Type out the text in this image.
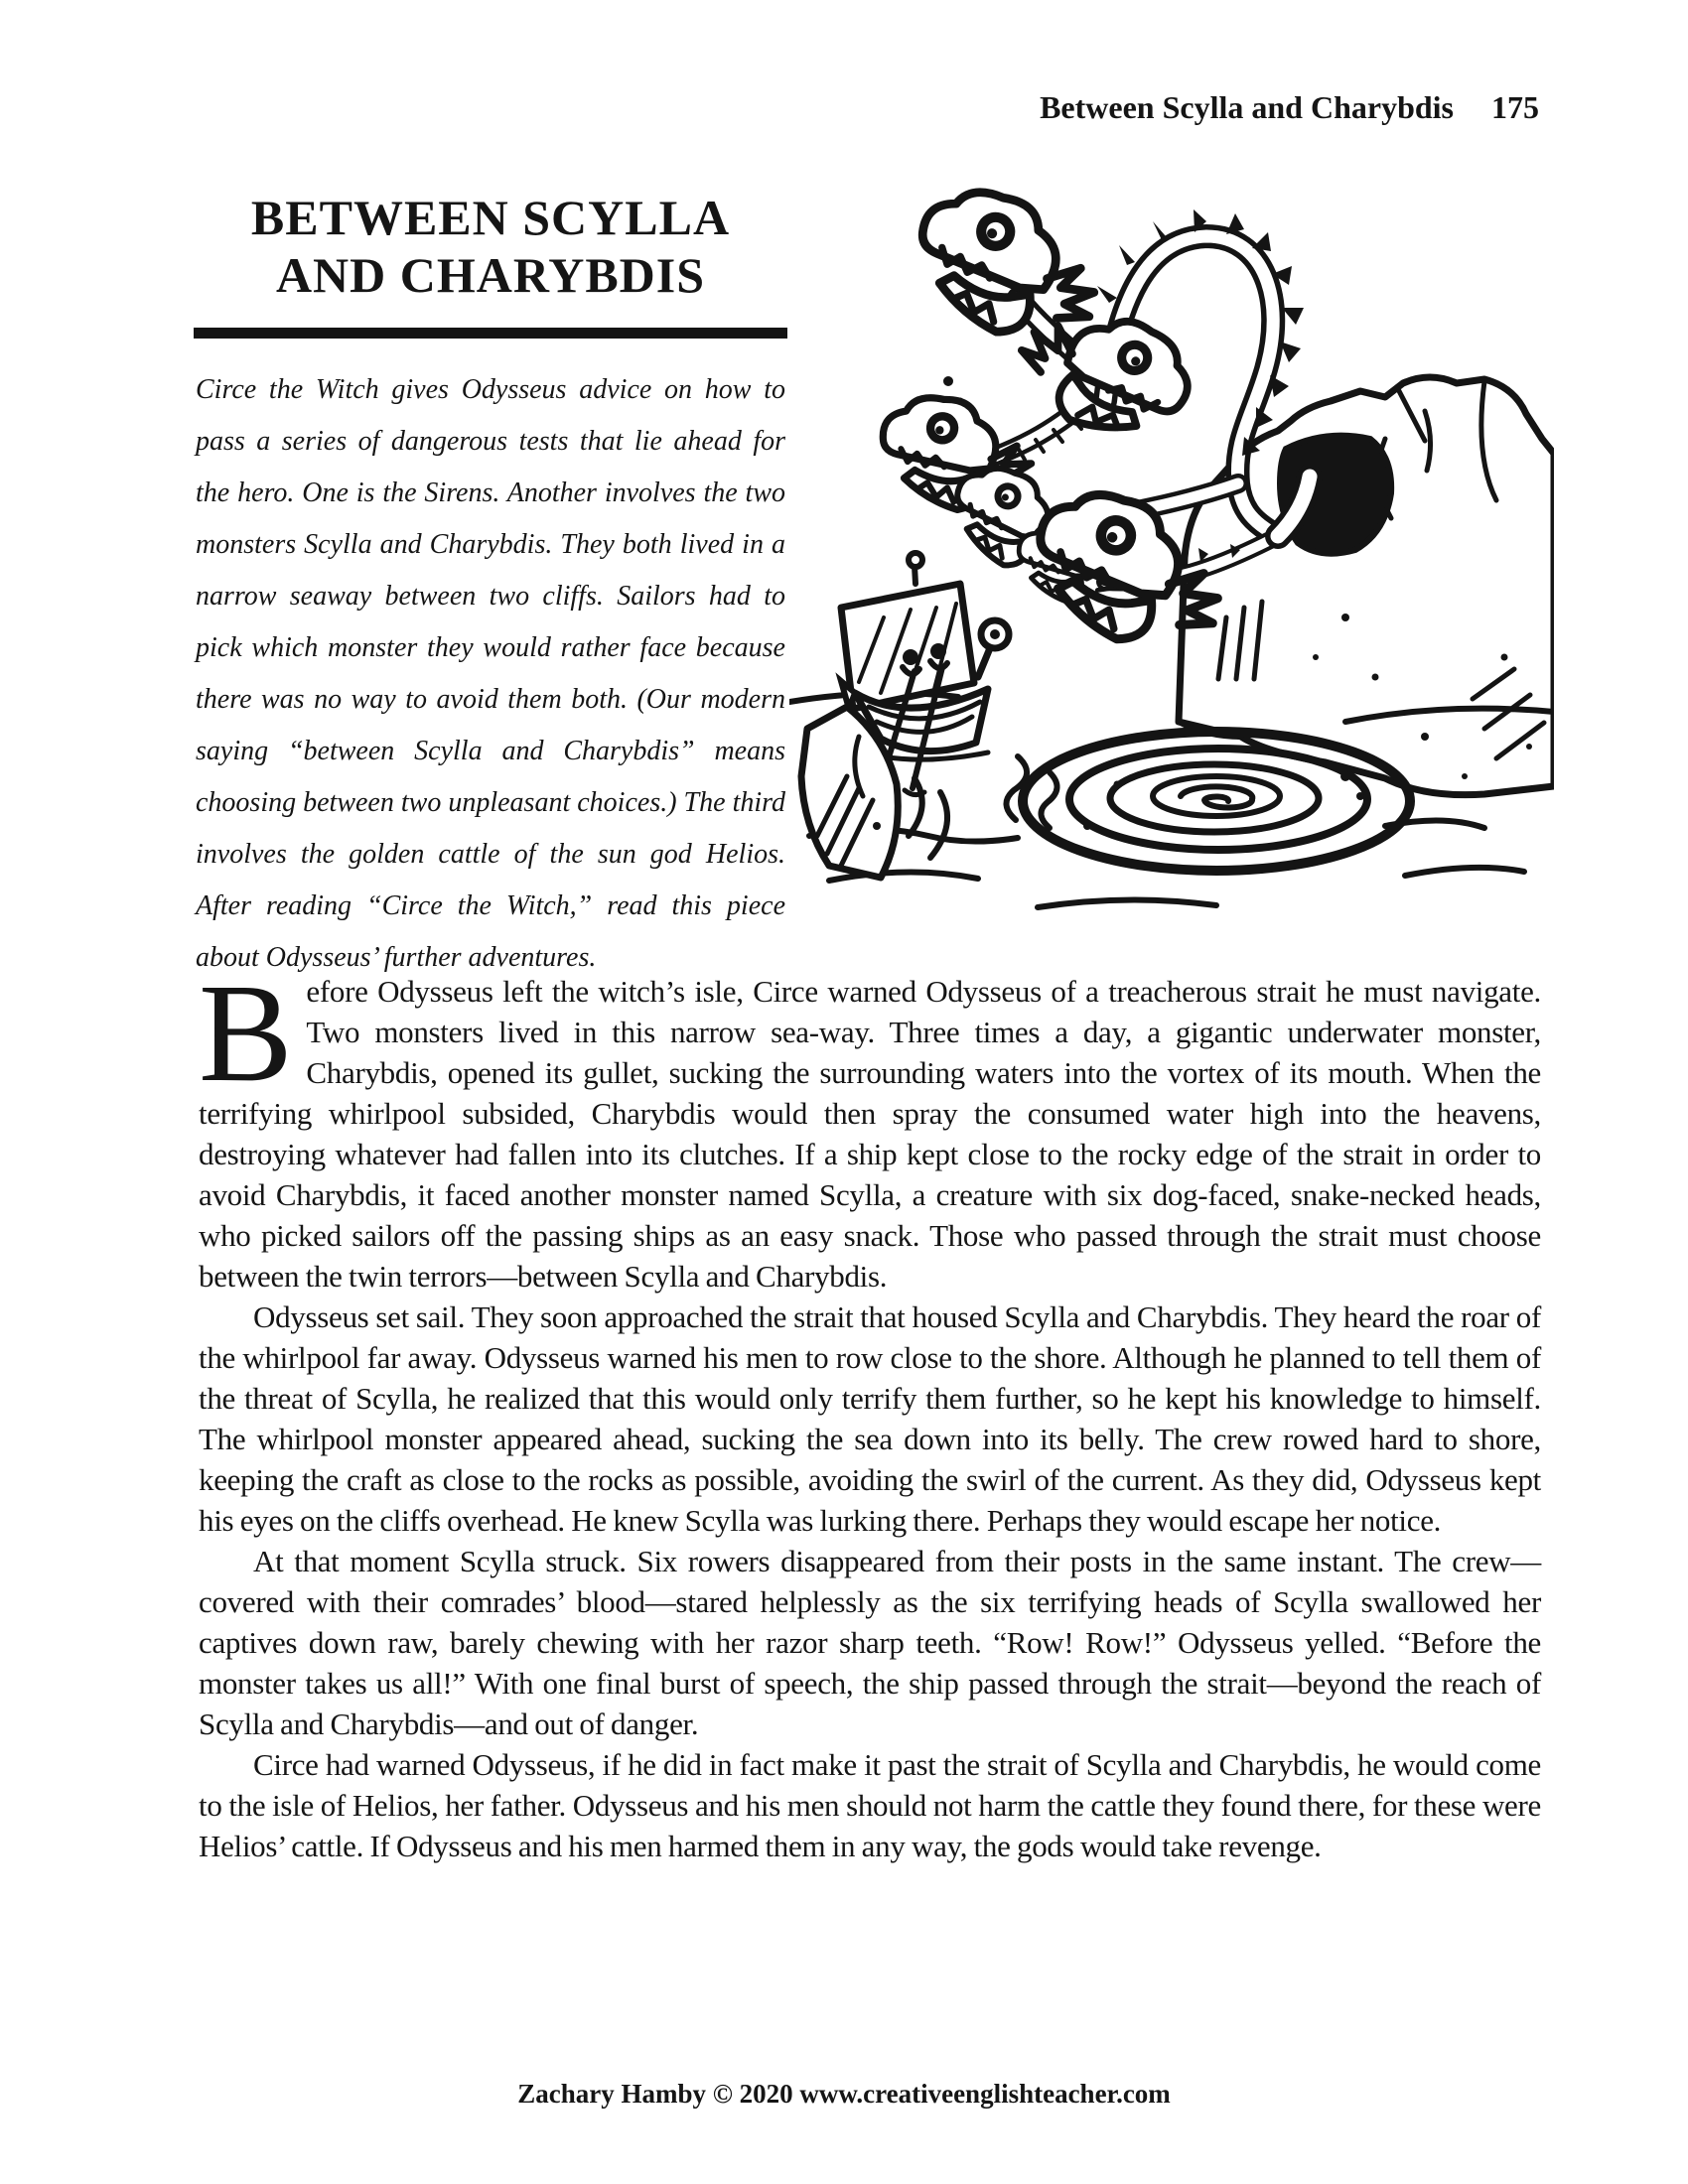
Between Scylla and Charybdis 175
BETWEEN SCYLLA
AND CHARYBDIS

Circe the Witch gives Odysseus advice on how to pass a series of dangerous tests that lie ahead for the hero. One is the Sirens. Another involves the two monsters Scylla and Charybdis. They both lived in a narrow seaway between two cliffs. Sailors had to pick which monster they would rather face because there was no way to avoid them both. (Our modern saying “between Scylla and Charybdis” means choosing between two unpleasant choices.) The third involves the golden cattle of the sun god Helios. After reading “Circe the Witch,” read this piece about Odysseus’ further adventures.

Before Odysseus left the witch’s isle, Circe warned Odysseus of a treacherous strait he must navigate. Two monsters lived in this narrow sea-way. Three times a day, a gigantic underwater monster, Charybdis, opened its gullet, sucking the surrounding waters into the vortex of its mouth. When the terrifying whirlpool subsided, Charybdis would then spray the consumed water high into the heavens, destroying whatever had fallen into its clutches. If a ship kept close to the rocky edge of the strait in order to avoid Charybdis, it faced another monster named Scylla, a creature with six dog-faced, snake-necked heads, who picked sailors off the passing ships as an easy snack. Those who passed through the strait must choose between the twin terrors—between Scylla and Charybdis.

Odysseus set sail. They soon approached the strait that housed Scylla and Charybdis. They heard the roar of the whirlpool far away. Odysseus warned his men to row close to the shore. Although he planned to tell them of the threat of Scylla, he realized that this would only terrify them further, so he kept his knowledge to himself. The whirlpool monster appeared ahead, sucking the sea down into its belly. The crew rowed hard to shore, keeping the craft as close to the rocks as possible, avoiding the swirl of the current. As they did, Odysseus kept his eyes on the cliffs overhead. He knew Scylla was lurking there. Perhaps they would escape her notice.

At that moment Scylla struck. Six rowers disappeared from their posts in the same instant. The crew—covered with their comrades’ blood—stared helplessly as the six terrifying heads of Scylla swallowed her captives down raw, barely chewing with her razor sharp teeth. “Row! Row!” Odysseus yelled. “Before the monster takes us all!” With one final burst of speech, the ship passed through the strait—beyond the reach of Scylla and Charybdis—and out of danger.

Circe had warned Odysseus, if he did in fact make it past the strait of Scylla and Charybdis, he would come to the isle of Helios, her father. Odysseus and his men should not harm the cattle they found there, for these were Helios’ cattle. If Odysseus and his men harmed them in any way, the gods would take revenge.

Zachary Hamby © 2020 www.creativeenglishteacher.com
